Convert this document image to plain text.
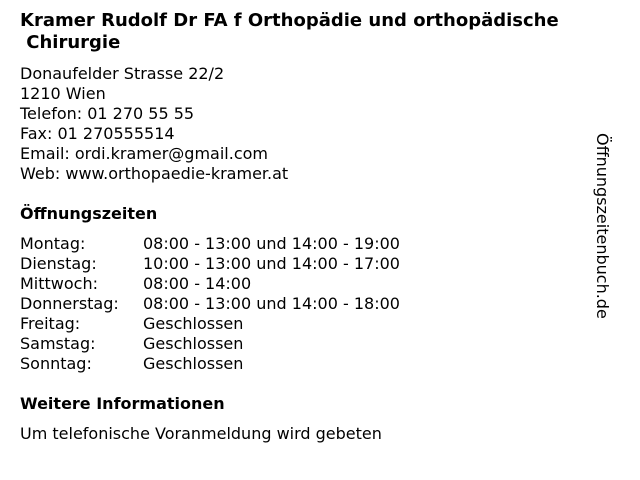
Kramer Rudolf Dr FA f Orthopädie und orthopädische
Chirurgie
Donaufelder Strasse 22/2
1210 Wien
Telefon: 01 270 55 55
Fax: 01 270555514
Email: ordi.kramer@gmail.com
Web: www.orthopaedie-kramer.at
Öffnungszeiten
Montag:	08:00 - 13:00 und 14:00 - 19:00
Dienstag:	10:00 - 13:00 und 14:00 - 17:00
Mittwoch:	08:00 - 14:00
Donnerstag:	08:00 - 13:00 und 14:00 - 18:00
Freitag:	Geschlossen
Samstag:	Geschlossen
Sonntag:	Geschlossen
Weitere Informationen

Um telefonische Voranmeldung wird gebeten

Öffnungszeitenbuch.de
